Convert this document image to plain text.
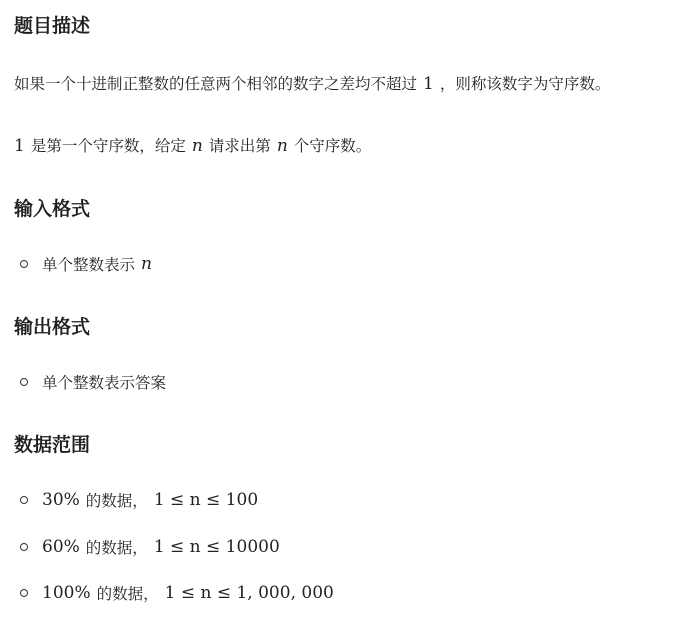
题目描述

如果一个十进制正整数的任意两个相邻的数字之差均不超过 1 ，则称该数字为守序数。

1 是第一个守序数，给定 n 请求出第 n 个守序数。

输入格式
单个整数表示 n
输出格式
单个整数表示答案
数据范围
30% 的数据， 1 ≤ n ≤ 100
60% 的数据， 1 ≤ n ≤ 10000
100% 的数据， 1 ≤ n ≤ 1, 000, 000
